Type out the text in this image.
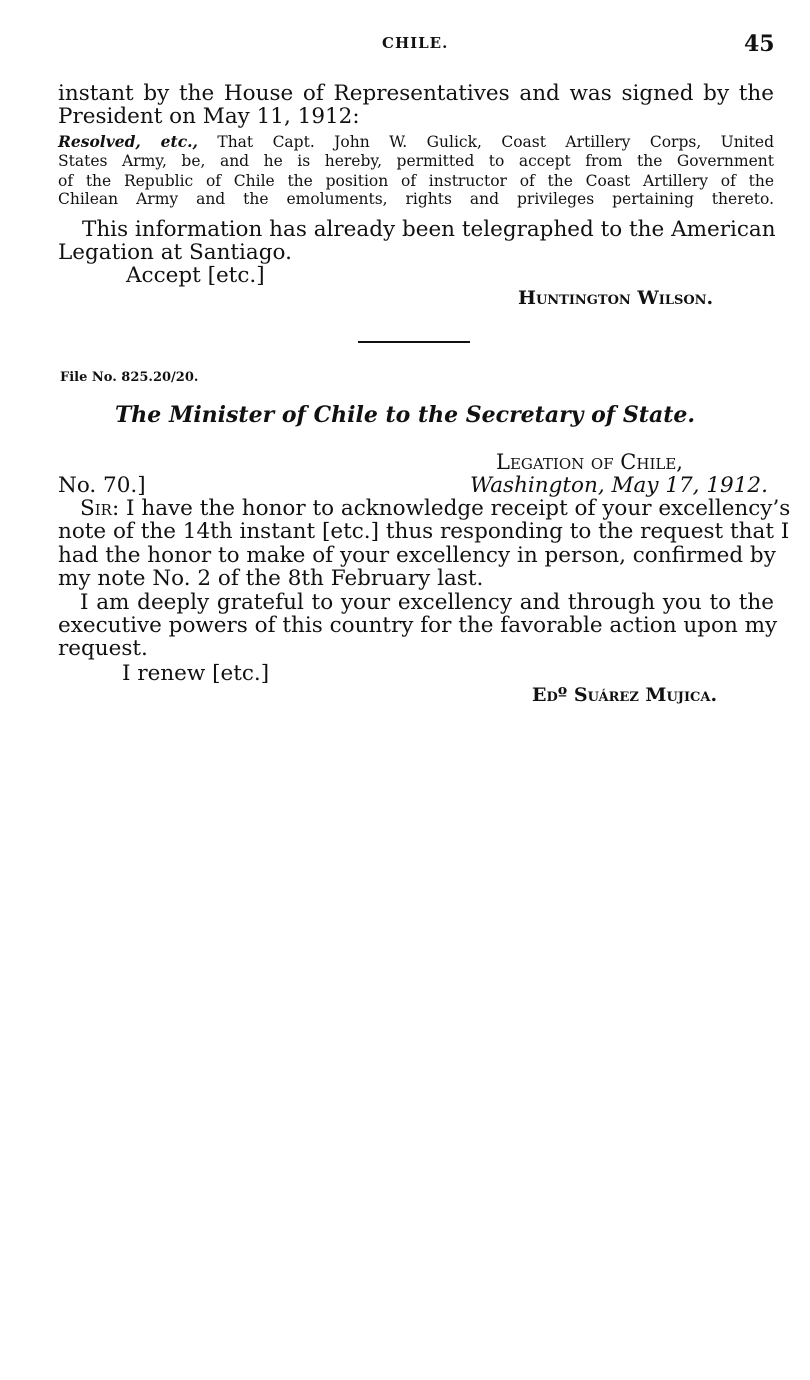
CHILE.	45
instant by the House of Representatives and was signed by the
President on May 11, 1912:
Resolved, etc., That Capt. John W. Gulick, Coast Artillery Corps, United
States Army, be, and he is hereby, permitted to accept from the Government
of the Republic of Chile the position of instructor of the Coast Artillery of the
Chilean Army and the emoluments, rights and privileges pertaining thereto.
This information has already been telegraphed to the American
Legation at Santiago.
Accept [etc.]
Huntington Wilson.
File No. 825.20/20.
The Minister of Chile to the Secretary of State.
Legation of Chile,
No. 70.]	Washington, May 17, 1912.
Sir: I have the honor to acknowledge receipt of your excellency’s
note of the 14th instant [etc.] thus responding to the request that I
had the honor to make of your excellency in person, confirmed by
my note No. 2 of the 8th February last.
I am deeply grateful to your excellency and through you to the
executive powers of this country for the favorable action upon my
request.
I renew [etc.]
Edº Suárez Mujica.
